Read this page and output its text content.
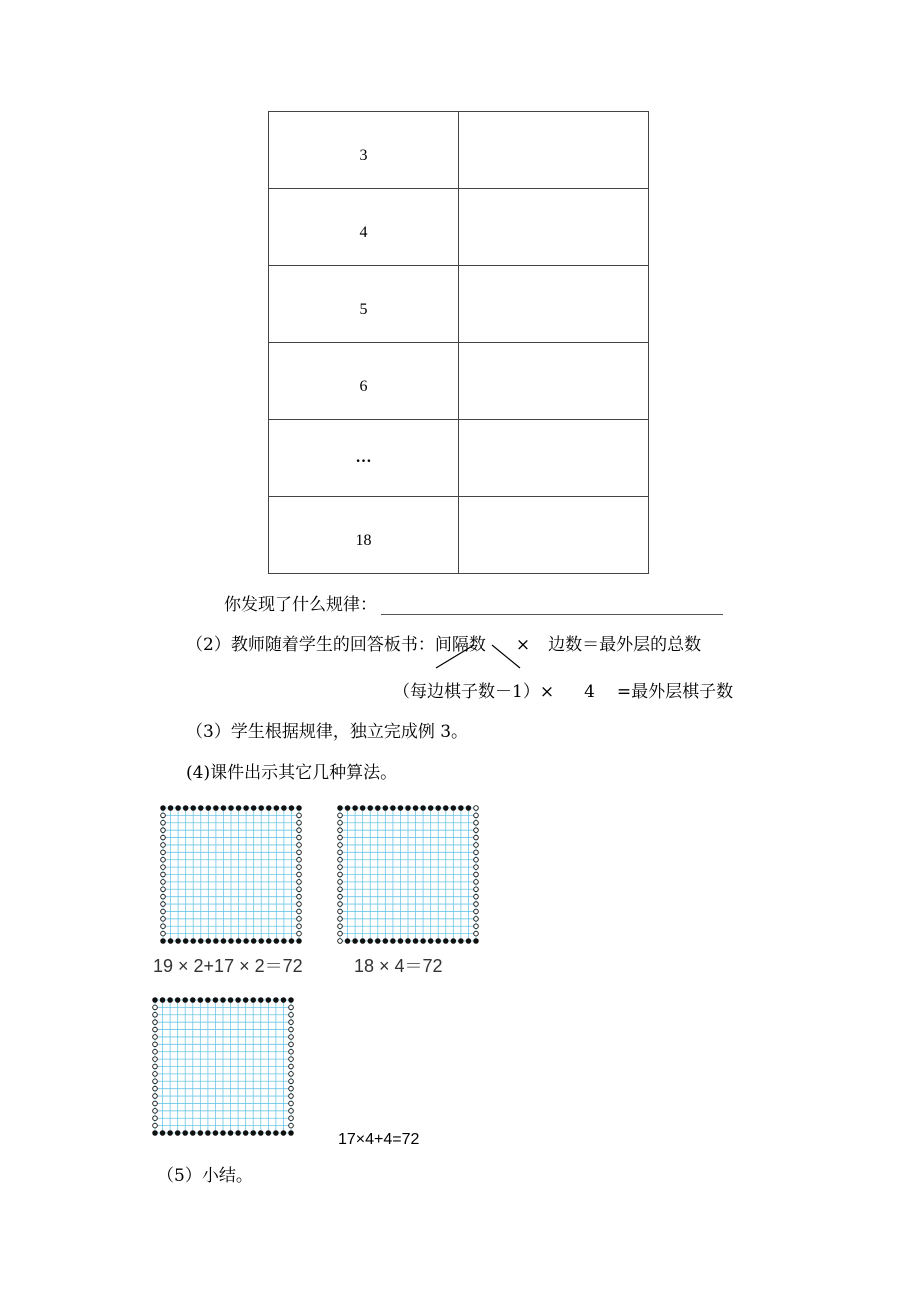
3	
4	
5	
6	
…	
18	
你发现了什么规律：
（2）教师随着学生的回答板书：间隔数 × 边数＝最外层的总数
（每边棋子数－1）× 4 =最外层棋子数
（3）学生根据规律，独立完成例 3。
(4)课件出示其它几种算法。
19 × 2+17 × 2＝72	18 × 4＝72
17×4+4=72
（5）小结。
